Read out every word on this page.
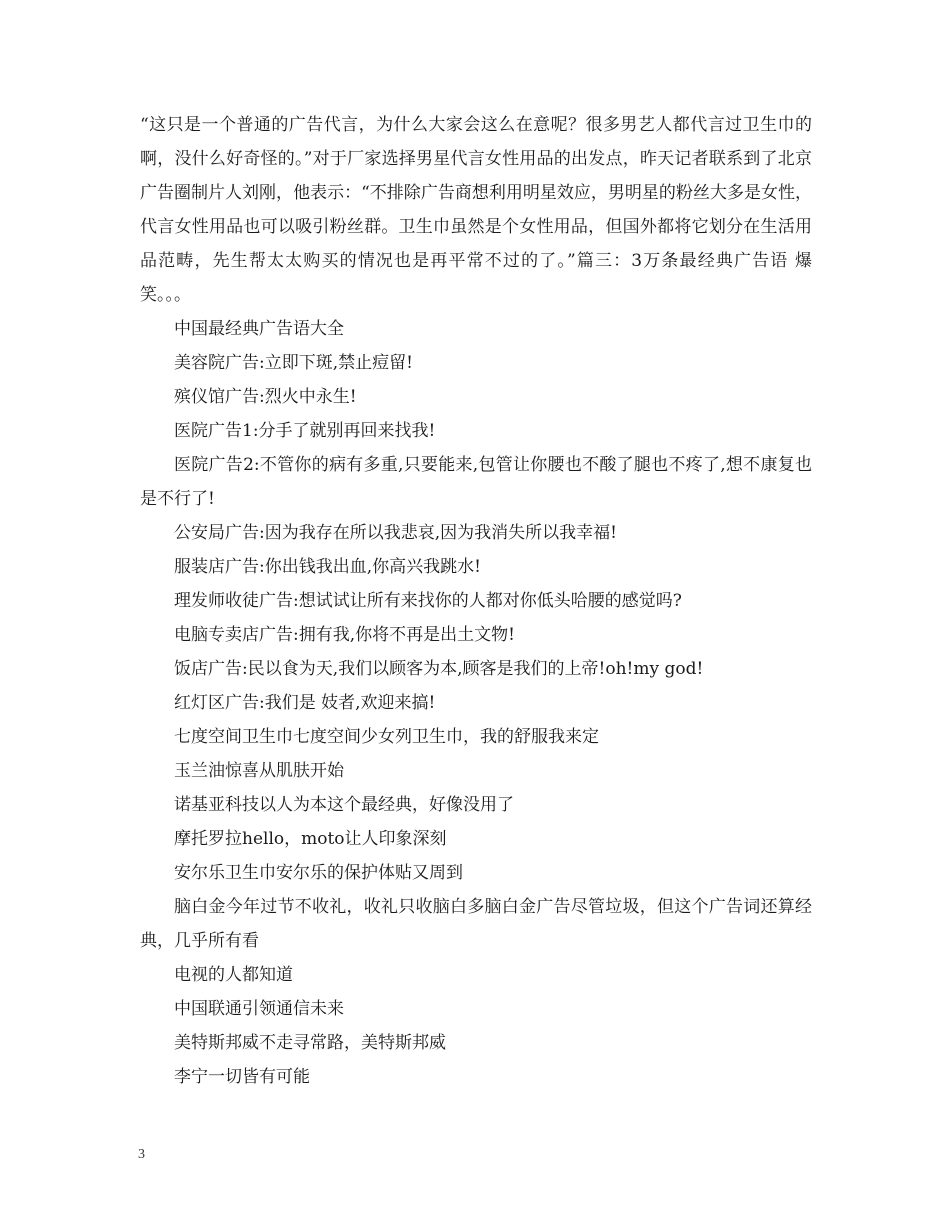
“这只是一个普通的广告代言，为什么大家会这么在意呢？很多男艺人都代言过卫生巾的啊，没什么好奇怪的。”对于厂家选择男星代言女性用品的出发点，昨天记者联系到了北京广告圈制片人刘刚，他表示：“不排除广告商想利用明星效应，男明星的粉丝大多是女性，代言女性用品也可以吸引粉丝群。卫生巾虽然是个女性用品，但国外都将它划分在生活用品范畴，先生帮太太购买的情况也是再平常不过的了。”篇三：3万条最经典广告语 爆笑。。。

中国最经典广告语大全

美容院广告:立即下斑,禁止痘留!

殡仪馆广告:烈火中永生!

医院广告1:分手了就别再回来找我!

医院广告2:不管你的病有多重,只要能来,包管让你腰也不酸了腿也不疼了,想不康复也是不行了!

公安局广告:因为我存在所以我悲哀,因为我消失所以我幸福!

服装店广告:你出钱我出血,你高兴我跳水!

理发师收徒广告:想试试让所有来找你的人都对你低头哈腰的感觉吗?

电脑专卖店广告:拥有我,你将不再是出土文物!

饭店广告:民以食为天,我们以顾客为本,顾客是我们的上帝!oh!my god!

红灯区广告:我们是 妓者,欢迎来搞!

七度空间卫生巾七度空间少女列卫生巾，我的舒服我来定

玉兰油惊喜从肌肤开始

诺基亚科技以人为本这个最经典，好像没用了

摩托罗拉hello，moto让人印象深刻

安尔乐卫生巾安尔乐的保护体贴又周到

脑白金今年过节不收礼，收礼只收脑白多脑白金广告尽管垃圾，但这个广告词还算经典，几乎所有看

电视的人都知道

中国联通引领通信未来

美特斯邦威不走寻常路，美特斯邦威

李宁一切皆有可能

3
